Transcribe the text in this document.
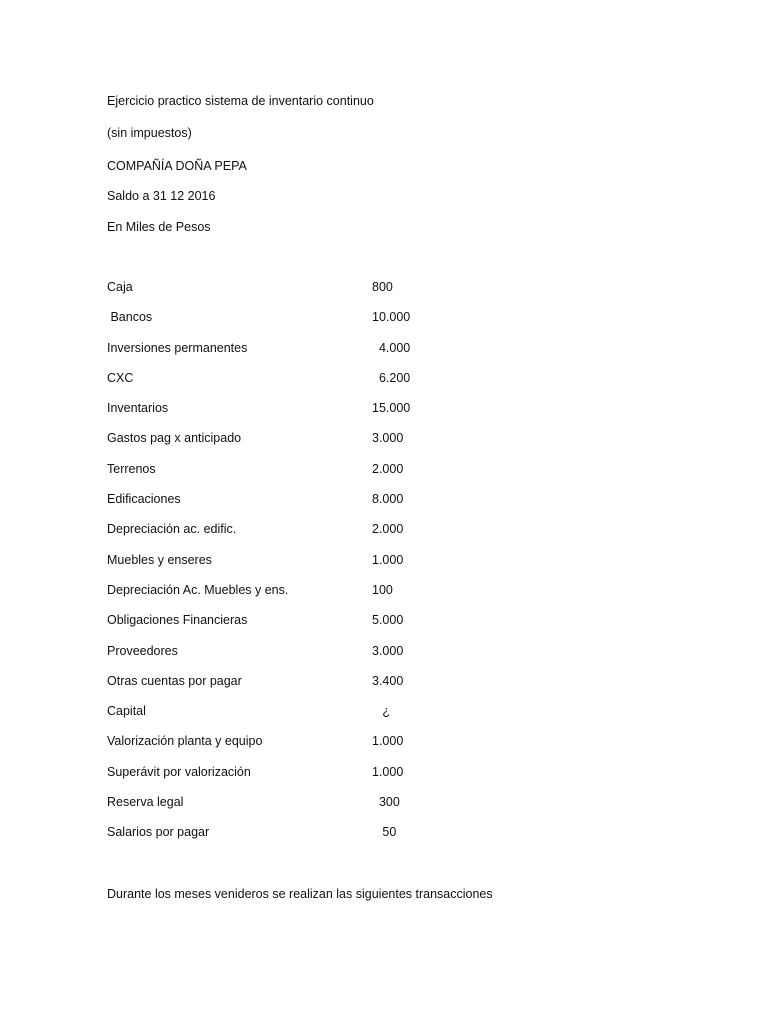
Ejercicio practico sistema de inventario continuo
(sin impuestos)
COMPAÑÍA DOÑA PEPA
Saldo a 31 12 2016
En Miles de Pesos
Caja	800
Bancos	10.000
Inversiones permanentes	4.000
CXC	6.200
Inventarios	15.000
Gastos pag x anticipado	3.000
Terrenos	2.000
Edificaciones	8.000
Depreciación ac. edific.	2.000
Muebles y enseres	1.000
Depreciación Ac. Muebles y ens.	100
Obligaciones Financieras	5.000
Proveedores	3.000
Otras cuentas por pagar	3.400
Capital	¿
Valorización planta y equipo	1.000
Superávit por valorización	1.000
Reserva legal	300
Salarios por pagar	50
Durante los meses venideros se realizan las siguientes transacciones
